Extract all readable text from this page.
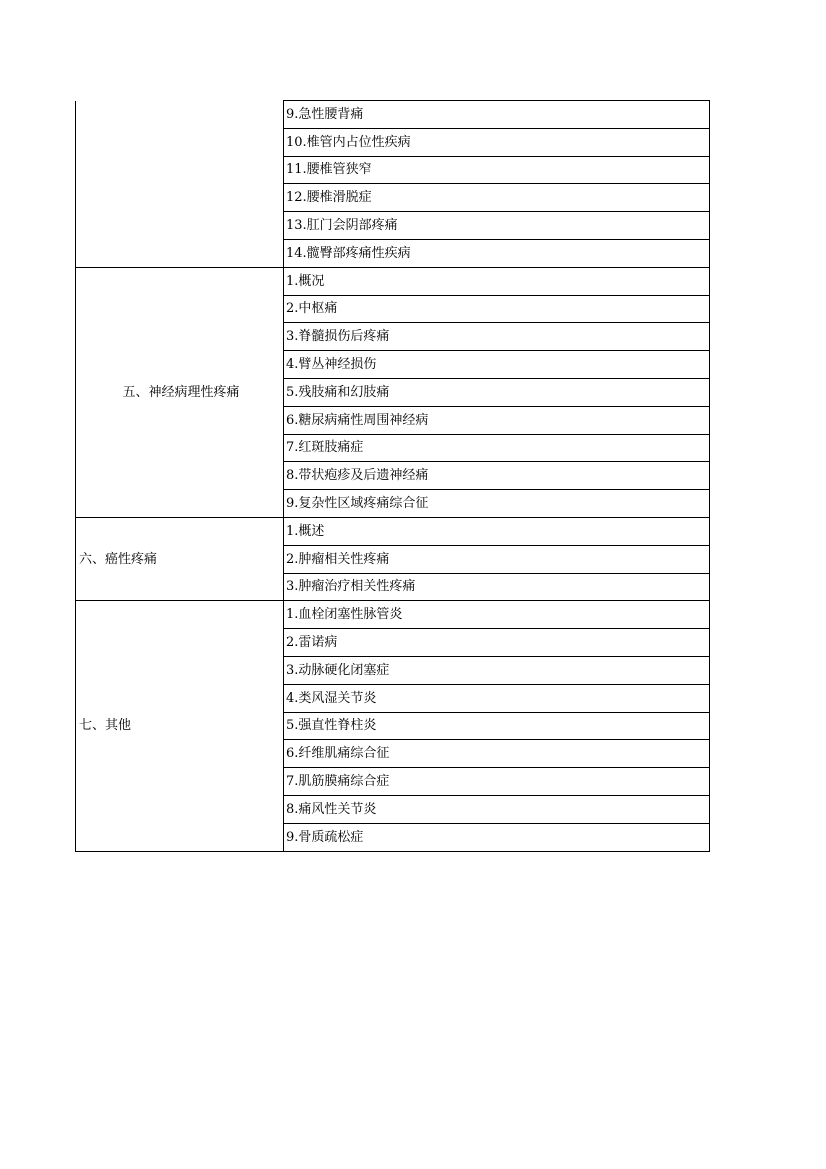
	9.急性腰背痛
	10.椎管内占位性疾病
	11.腰椎管狭窄
	12.腰椎滑脱症
	13.肛门会阴部疼痛
	14.髋臀部疼痛性疾病
五、神经病理性疼痛	1.概况
	2.中枢痛
	3.脊髓损伤后疼痛
	4.臂丛神经损伤
	5.残肢痛和幻肢痛
	6.糖尿病痛性周围神经病
	7.红斑肢痛症
	8.带状疱疹及后遗神经痛
	9.复杂性区域疼痛综合征
六、癌性疼痛	1.概述
	2.肿瘤相关性疼痛
	3.肿瘤治疗相关性疼痛
七、其他	1.血栓闭塞性脉管炎
	2.雷诺病
	3.动脉硬化闭塞症
	4.类风湿关节炎
	5.强直性脊柱炎
	6.纤维肌痛综合征
	7.肌筋膜痛综合症
	8.痛风性关节炎
	9.骨质疏松症
